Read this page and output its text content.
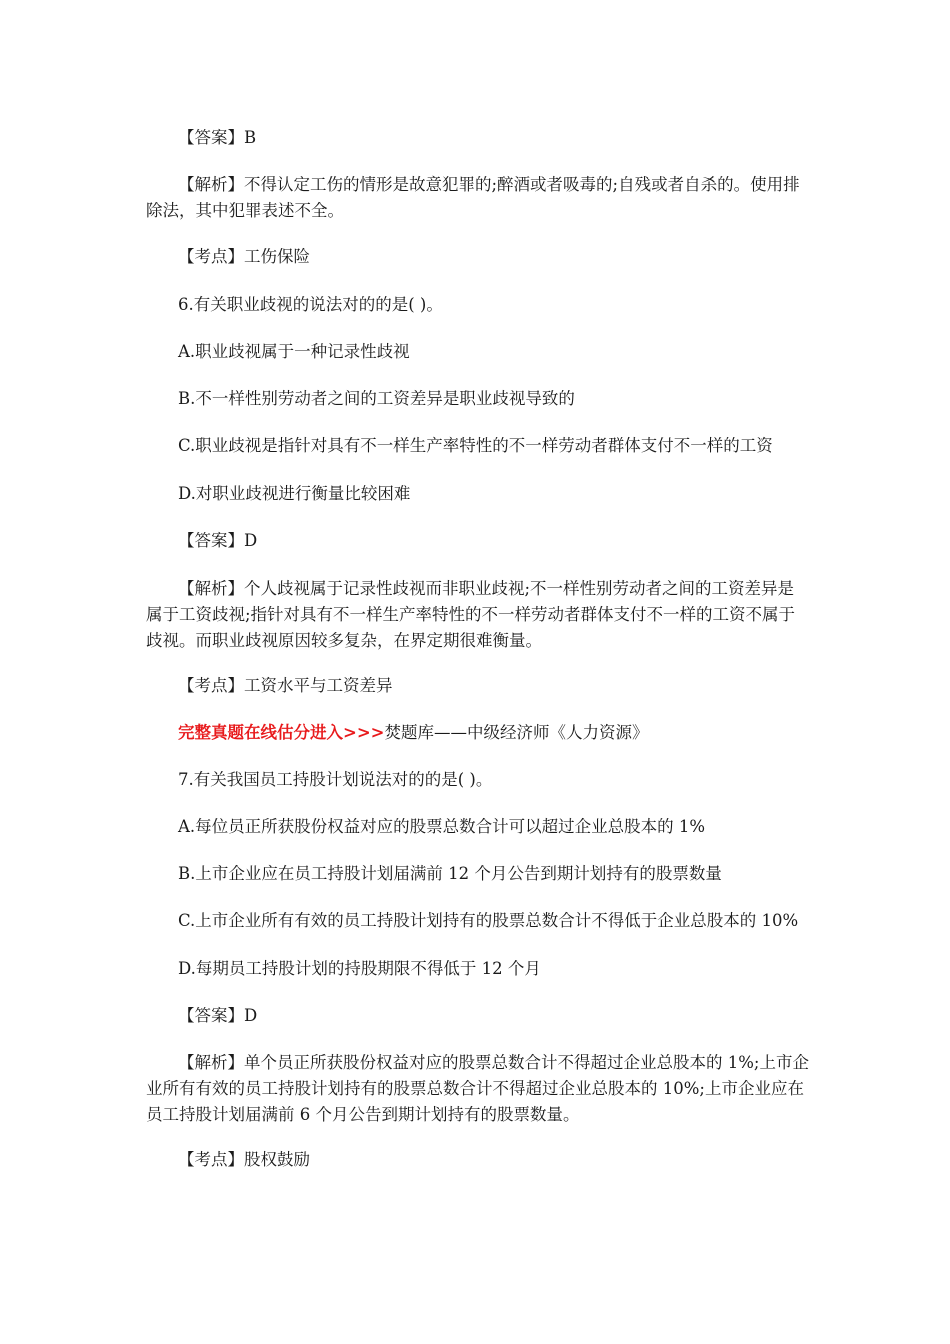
【答案】B

【解析】不得认定工伤的情形是故意犯罪的;醉酒或者吸毒的;自残或者自杀的。使用排除法，其中犯罪表述不全。

【考点】工伤保险

6.有关职业歧视的说法对的的是( )。

A.职业歧视属于一种记录性歧视

B.不一样性别劳动者之间的工资差异是职业歧视导致的

C.职业歧视是指针对具有不一样生产率特性的不一样劳动者群体支付不一样的工资

D.对职业歧视进行衡量比较困难

【答案】D

【解析】个人歧视属于记录性歧视而非职业歧视;不一样性别劳动者之间的工资差异是属于工资歧视;指针对具有不一样生产率特性的不一样劳动者群体支付不一样的工资不属于歧视。而职业歧视原因较多复杂，在界定期很难衡量。

【考点】工资水平与工资差异

完整真题在线估分进入>>>焚题库——中级经济师《人力资源》

7.有关我国员工持股计划说法对的的是( )。

A.每位员正所获股份权益对应的股票总数合计可以超过企业总股本的 1%

B.上市企业应在员工持股计划届满前 12 个月公告到期计划持有的股票数量

C.上市企业所有有效的员工持股计划持有的股票总数合计不得低于企业总股本的 10%

D.每期员工持股计划的持股期限不得低于 12 个月

【答案】D

【解析】单个员正所获股份权益对应的股票总数合计不得超过企业总股本的 1%;上市企业所有有效的员工持股计划持有的股票总数合计不得超过企业总股本的 10%;上市企业应在员工持股计划届满前 6 个月公告到期计划持有的股票数量。

【考点】股权鼓励
